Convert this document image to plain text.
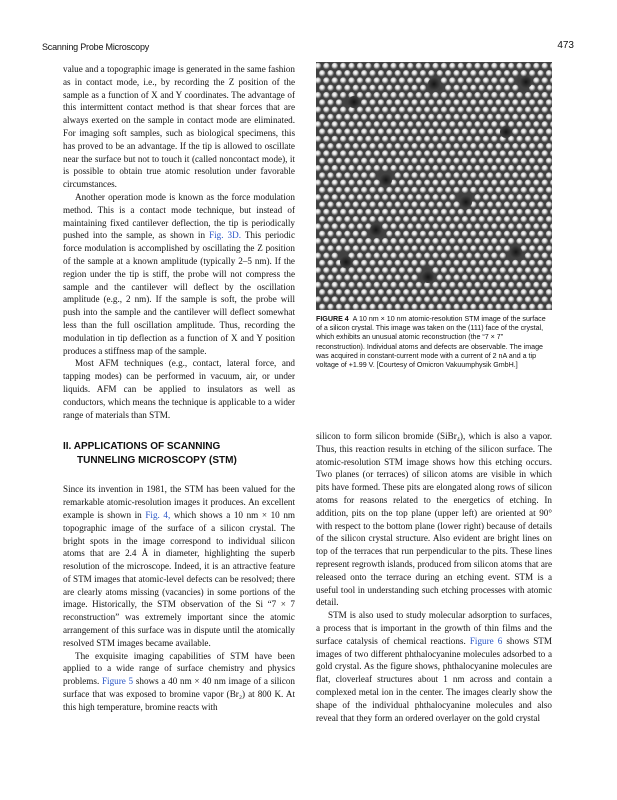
Scanning Probe Microscopy	473

value and a topographic image is generated in the same fashion as in contact mode, i.e., by recording the Z position of the sample as a function of X and Y coordinates. The advantage of this intermittent contact method is that shear forces that are always exerted on the sample in contact mode are eliminated. For imaging soft samples, such as biological specimens, this has proved to be an advantage. If the tip is allowed to oscillate near the surface but not to touch it (called noncontact mode), it is possible to obtain true atomic resolution under favorable circumstances.

Another operation mode is known as the force modulation method. This is a contact mode technique, but instead of maintaining fixed cantilever deflection, the tip is periodically pushed into the sample, as shown in Fig. 3D. This periodic force modulation is accomplished by oscillating the Z position of the sample at a known amplitude (typically 2–5 nm). If the region under the tip is stiff, the probe will not compress the sample and the cantilever will deflect by the oscillation amplitude (e.g., 2 nm). If the sample is soft, the probe will push into the sample and the cantilever will deflect somewhat less than the full oscillation amplitude. Thus, recording the modulation in tip deflection as a function of X and Y position produces a stiffness map of the sample.

Most AFM techniques (e.g., contact, lateral force, and tapping modes) can be performed in vacuum, air, or under liquids. AFM can be applied to insulators as well as conductors, which means the technique is applicable to a wider range of materials than STM.

II. APPLICATIONS OF SCANNING
TUNNELING MICROSCOPY (STM)

Since its invention in 1981, the STM has been valued for the remarkable atomic-resolution images it produces. An excellent example is shown in Fig. 4, which shows a 10 nm × 10 nm topographic image of the surface of a silicon crystal. The bright spots in the image correspond to individual silicon atoms that are 2.4 Å in diameter, highlighting the superb resolution of the microscope. Indeed, it is an attractive feature of STM images that atomic-level defects can be resolved; there are clearly atoms missing (vacancies) in some portions of the image. Historically, the STM observation of the Si “7 × 7 reconstruction” was extremely important since the atomic arrangement of this surface was in dispute until the atomically resolved STM images became available.

The exquisite imaging capabilities of STM have been applied to a wide range of surface chemistry and physics problems. Figure 5 shows a 40 nm × 40 nm image of a silicon surface that was exposed to bromine vapor (Br₂) at 800 K. At this high temperature, bromine reacts with

FIGURE 4 A 10 nm × 10 nm atomic-resolution STM image of the surface of a silicon crystal. This image was taken on the (111) face of the crystal, which exhibits an unusual atomic reconstruction (the “7 × 7” reconstruction). Individual atoms and defects are observable. The image was acquired in constant-current mode with a current of 2 nA and a tip voltage of +1.99 V. [Courtesy of Omicron Vakuumphysik GmbH.]

silicon to form silicon bromide (SiBr₄), which is also a vapor. Thus, this reaction results in etching of the silicon surface. The atomic-resolution STM image shows how this etching occurs. Two planes (or terraces) of silicon atoms are visible in which pits have formed. These pits are elongated along rows of silicon atoms for reasons related to the energetics of etching. In addition, pits on the top plane (upper left) are oriented at 90° with respect to the bottom plane (lower right) because of details of the silicon crystal structure. Also evident are bright lines on top of the terraces that run perpendicular to the pits. These lines represent regrowth islands, produced from silicon atoms that are released onto the terrace during an etching event. STM is a useful tool in understanding such etching processes with atomic detail.

STM is also used to study molecular adsorption to surfaces, a process that is important in the growth of thin films and the surface catalysis of chemical reactions. Figure 6 shows STM images of two different phthalocyanine molecules adsorbed to a gold crystal. As the figure shows, phthalocyanine molecules are flat, cloverleaf structures about 1 nm across and contain a complexed metal ion in the center. The images clearly show the shape of the individual phthalocyanine molecules and also reveal that they form an ordered overlayer on the gold crystal
